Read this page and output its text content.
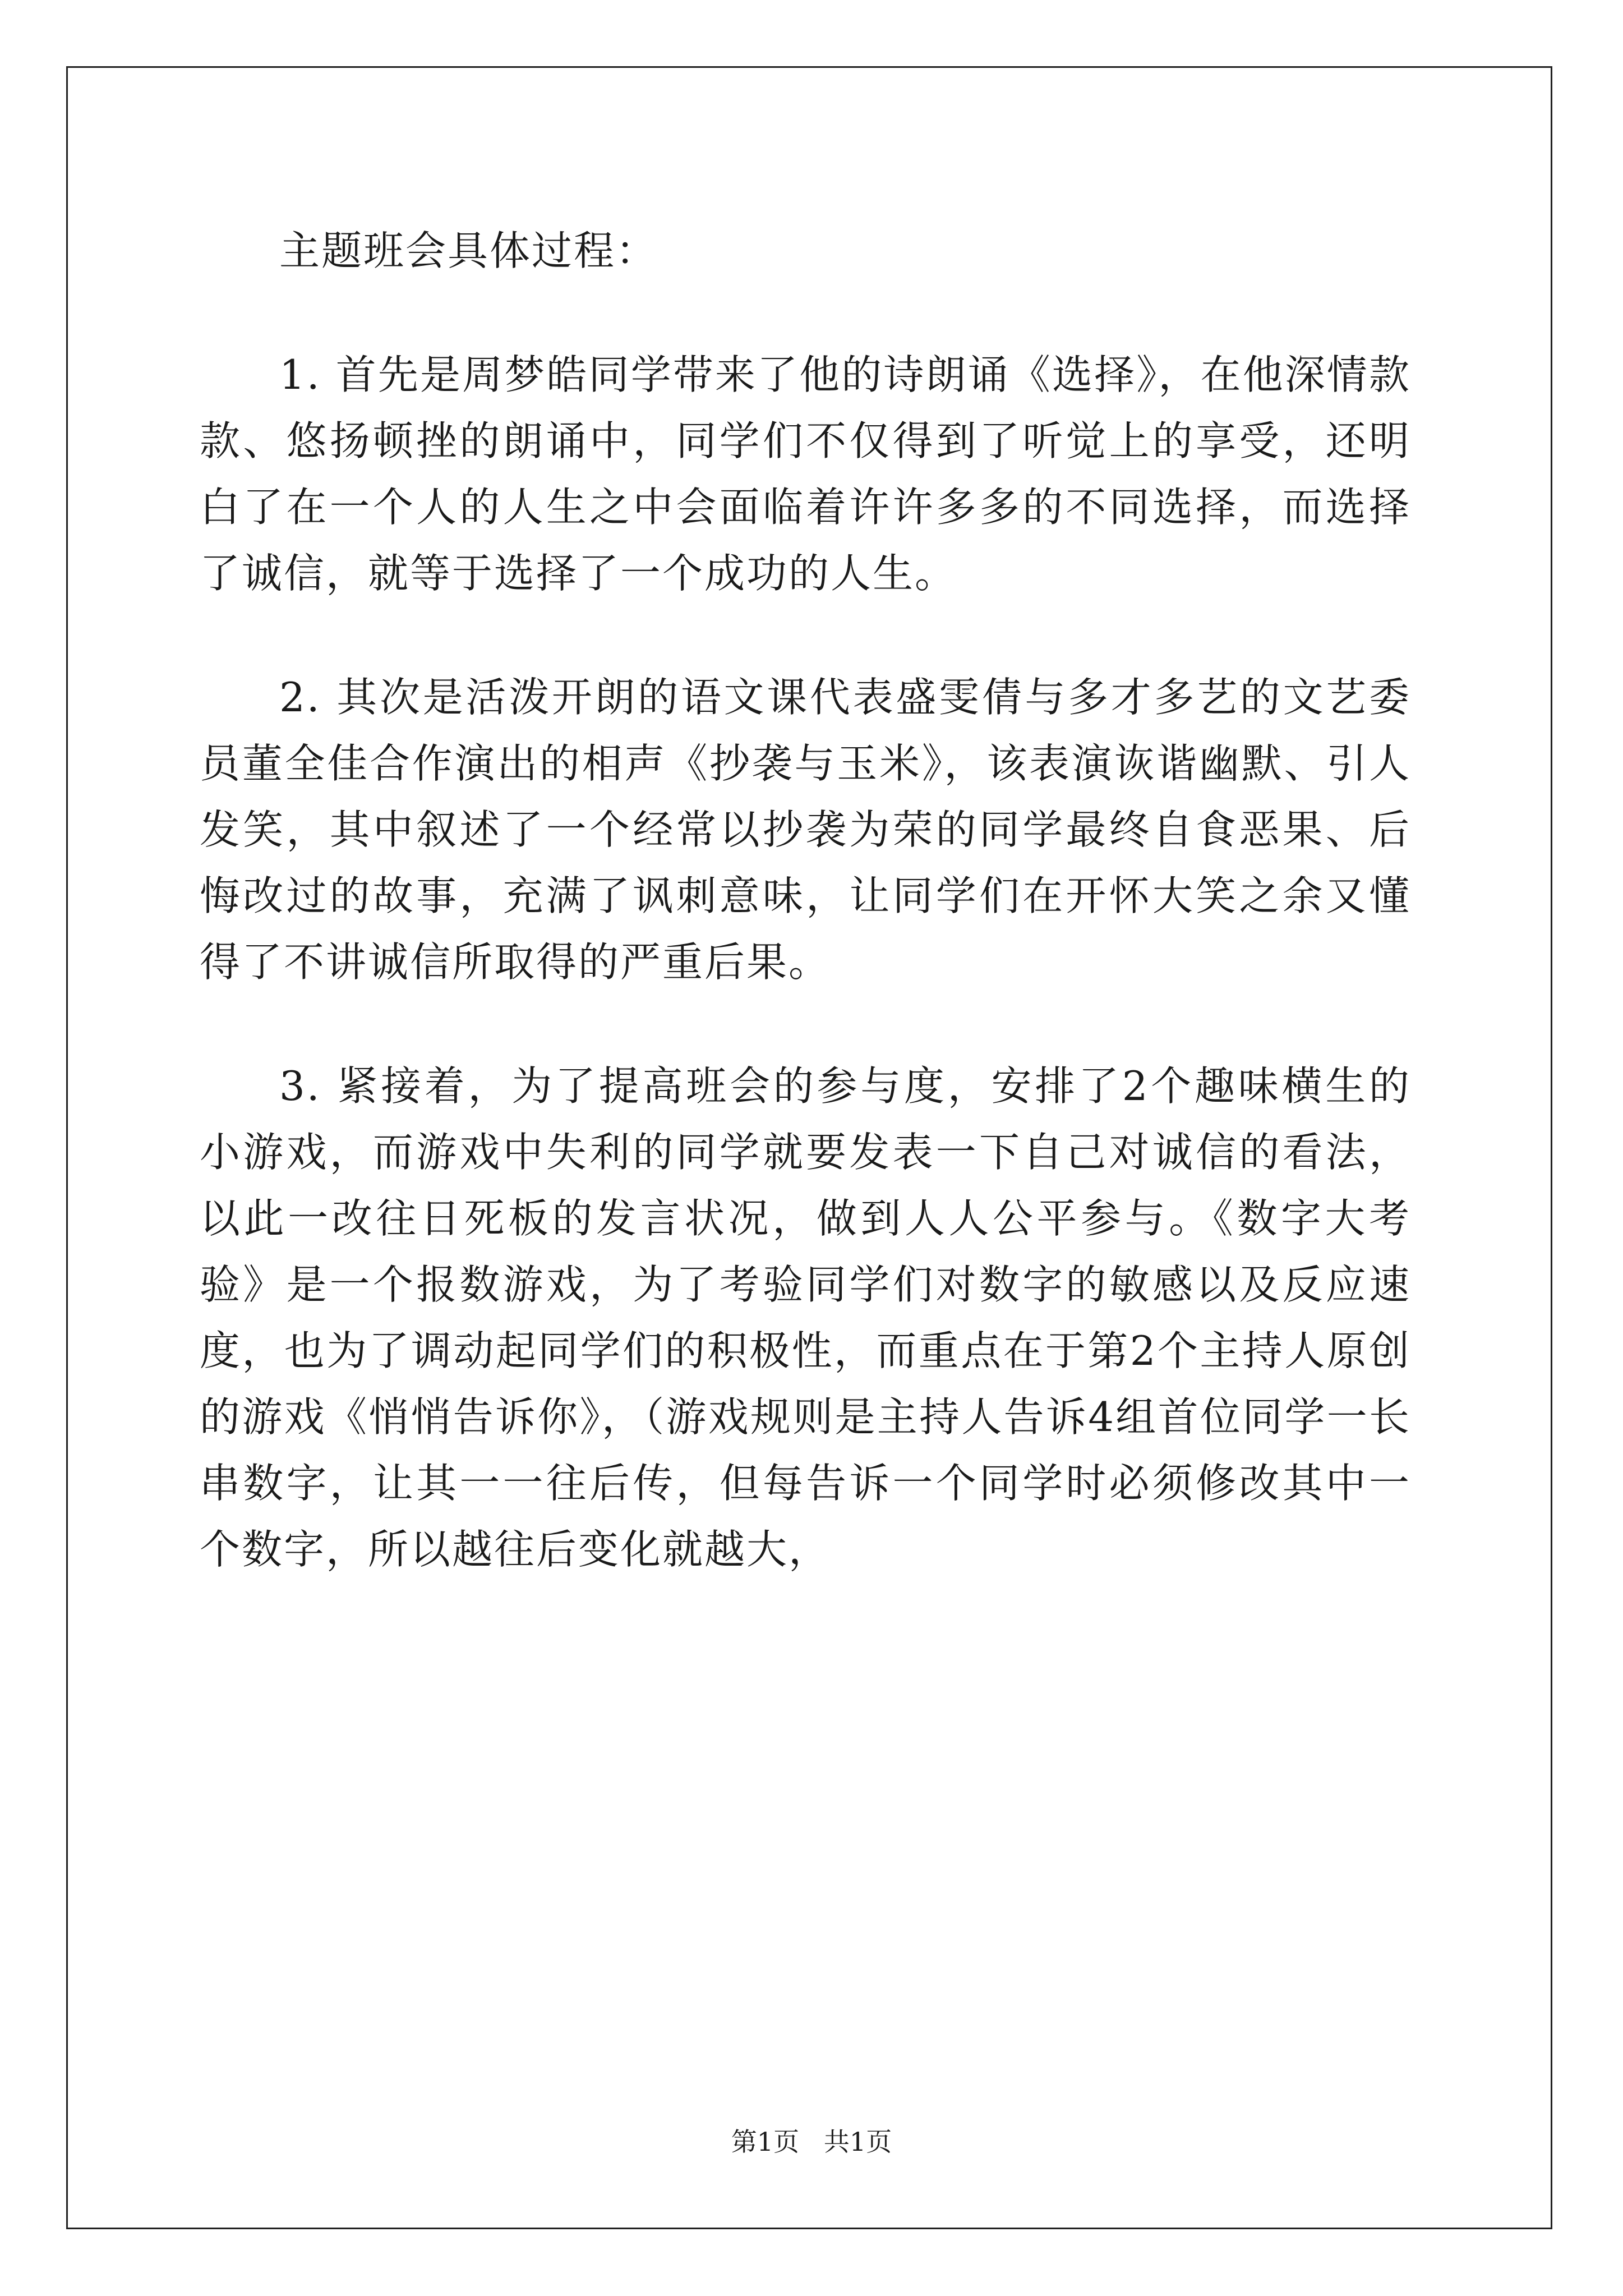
主题班会具体过程：

1. 首先是周梦皓同学带来了他的诗朗诵《选择》，在他深情款款、悠扬顿挫的朗诵中，同学们不仅得到了听觉上的享受，还明白了在一个人的人生之中会面临着许许多多的不同选择，而选择了诚信，就等于选择了一个成功的人生。

2. 其次是活泼开朗的语文课代表盛雯倩与多才多艺的文艺委员董全佳合作演出的相声《抄袭与玉米》，该表演诙谐幽默、引人发笑，其中叙述了一个经常以抄袭为荣的同学最终自食恶果、后悔改过的故事，充满了讽刺意味，让同学们在开怀大笑之余又懂得了不讲诚信所取得的严重后果。

3. 紧接着，为了提高班会的参与度，安排了2个趣味横生的小游戏，而游戏中失利的同学就要发表一下自己对诚信的看法，以此一改往日死板的发言状况，做到人人公平参与。《数字大考验》是一个报数游戏，为了考验同学们对数字的敏感以及反应速度，也为了调动起同学们的积极性，而重点在于第2个主持人原创的游戏《悄悄告诉你》，（游戏规则是主持人告诉4组首位同学一长串数字，让其一一往后传，但每告诉一个同学时必须修改其中一个数字，所以越往后变化就越大，

第1页   共1页
